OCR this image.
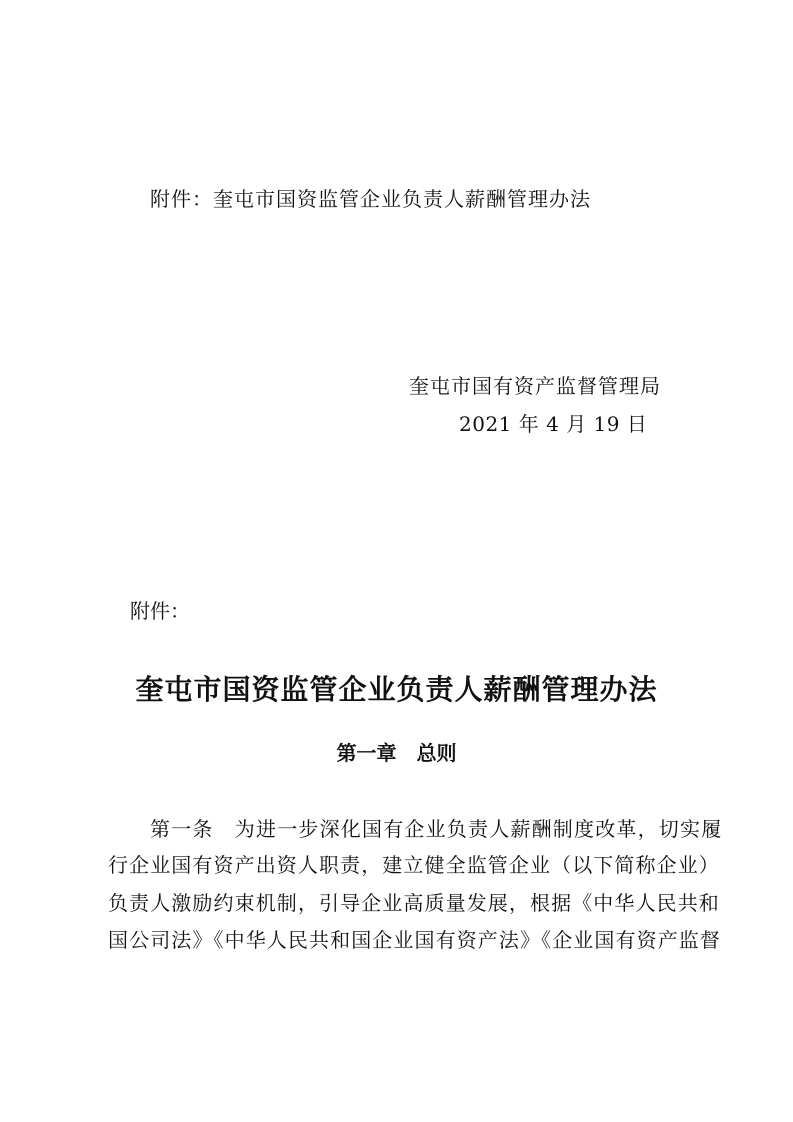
附件：奎屯市国资监管企业负责人薪酬管理办法
奎屯市国有资产监督管理局
2021 年 4 月 19 日
附件：
奎屯市国资监管企业负责人薪酬管理办法
第一章　总则
第一条　为进一步深化国有企业负责人薪酬制度改革，切实履
行企业国有资产出资人职责，建立健全监管企业（以下简称企业）
负责人激励约束机制，引导企业高质量发展，根据《中华人民共和
国公司法》《中华人民共和国企业国有资产法》《企业国有资产监督
